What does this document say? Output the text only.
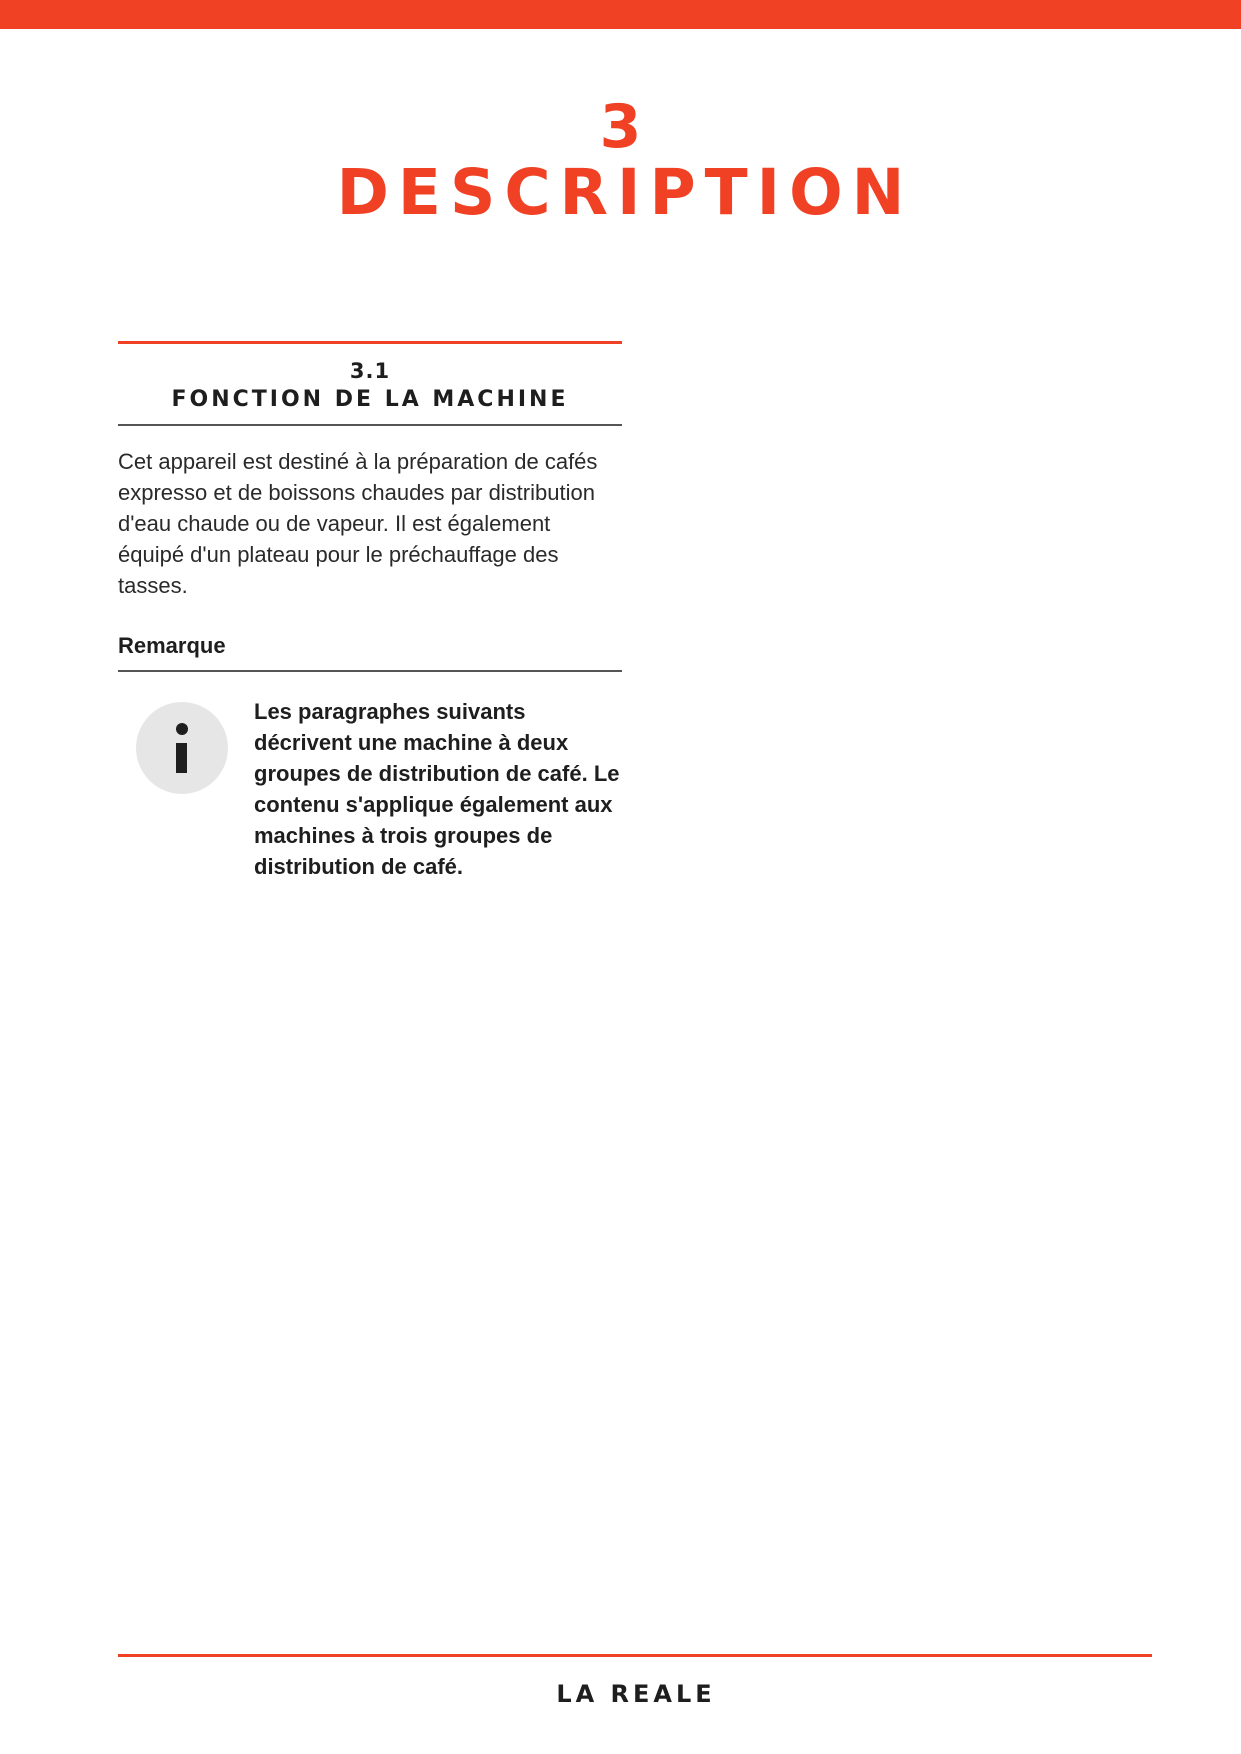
3
DESCRIPTION
3.1
FONCTION DE LA MACHINE

Cet appareil est destiné à la préparation de cafés expresso et de boissons chaudes par distribution d'eau chaude ou de vapeur. Il est également équipé d'un plateau pour le préchauffage des tasses.

Remarque
Les paragraphes suivants décrivent une machine à deux groupes de distribution de café. Le contenu s'applique également aux machines à trois groupes de distribution de café.
LA REALE
